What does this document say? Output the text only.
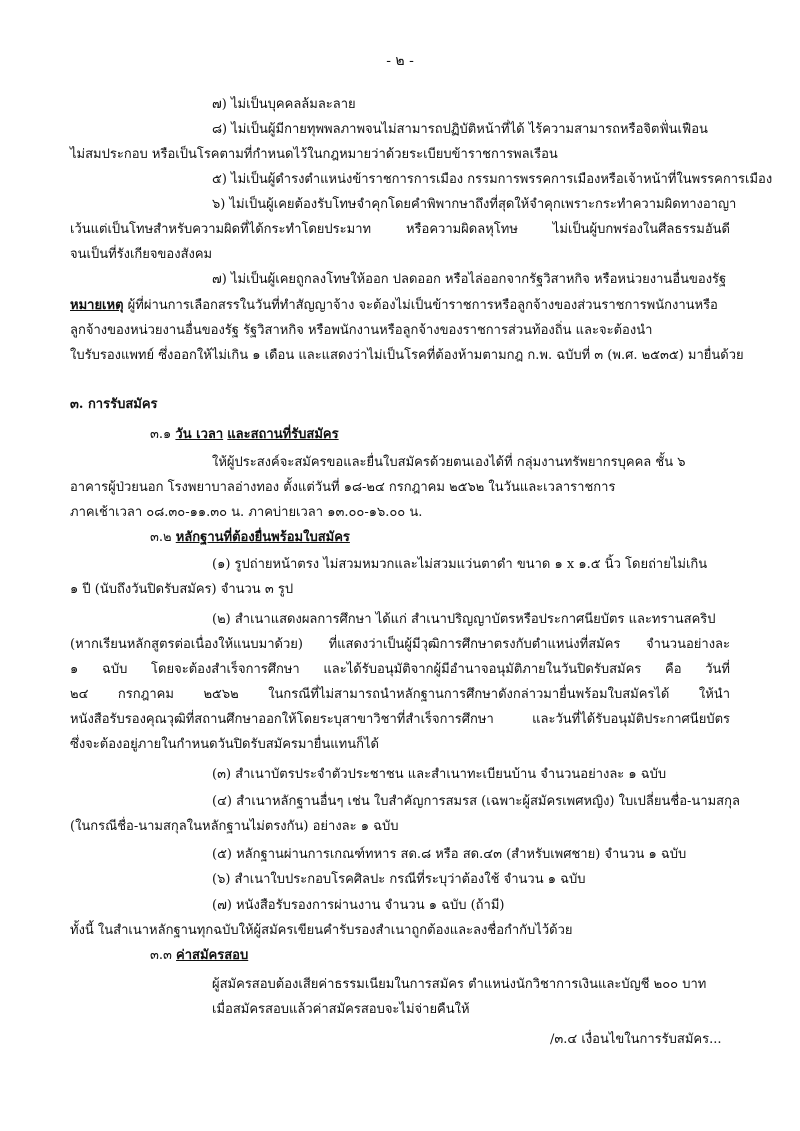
- ๒ -
๗) ไม่เป็นบุคคลล้มละลาย
๘) ไม่เป็นผู้มีกายทุพพลภาพจนไม่สามารถปฏิบัติหน้าที่ได้ ไร้ความสามารถหรือจิตฟั่นเฟือน
ไม่สมประกอบ หรือเป็นโรคตามที่กำหนดไว้ในกฎหมายว่าด้วยระเบียบข้าราชการพลเรือน
๕) ไม่เป็นผู้ดำรงตำแหน่งข้าราชการการเมือง กรรมการพรรคการเมืองหรือเจ้าหน้าที่ในพรรคการเมือง
๖) ไม่เป็นผู้เคยต้องรับโทษจำคุกโดยคำพิพากษาถึงที่สุดให้จำคุกเพราะกระทำความผิดทางอาญา
เว้นแต่เป็นโทษสำหรับความผิดที่ได้กระทำโดยประมาท หรือความผิดลหุโทษ ไม่เป็นผู้บกพร่องในศีลธรรมอันดี
จนเป็นที่รังเกียจของสังคม
๗) ไม่เป็นผู้เคยถูกลงโทษให้ออก ปลดออก หรือไล่ออกจากรัฐวิสาหกิจ หรือหน่วยงานอื่นของรัฐ
หมายเหตุ ผู้ที่ผ่านการเลือกสรรในวันที่ทำสัญญาจ้าง จะต้องไม่เป็นข้าราชการหรือลูกจ้างของส่วนราชการพนักงานหรือ
ลูกจ้างของหน่วยงานอื่นของรัฐ รัฐวิสาหกิจ หรือพนักงานหรือลูกจ้างของราชการส่วนท้องถิ่น และจะต้องนำ
ใบรับรองแพทย์ ซึ่งออกให้ไม่เกิน ๑ เดือน และแสดงว่าไม่เป็นโรคที่ต้องห้ามตามกฎ ก.พ. ฉบับที่ ๓ (พ.ศ. ๒๕๓๕) มายื่นด้วย
๓. การรับสมัคร
๓.๑ วัน เวลา และสถานที่รับสมัคร
ให้ผู้ประสงค์จะสมัครขอและยื่นใบสมัครด้วยตนเองได้ที่ กลุ่มงานทรัพยากรบุคคล ชั้น ๖
อาคารผู้ป่วยนอก โรงพยาบาลอ่างทอง ตั้งแต่วันที่ ๑๘-๒๔ กรกฎาคม ๒๕๖๒ ในวันและเวลาราชการ
ภาคเช้าเวลา ๐๘.๓๐-๑๑.๓๐ น. ภาคบ่ายเวลา ๑๓.๐๐-๑๖.๐๐ น.
๓.๒ หลักฐานที่ต้องยื่นพร้อมใบสมัคร
(๑) รูปถ่ายหน้าตรง ไม่สวมหมวกและไม่สวมแว่นตาดำ ขนาด ๑ x ๑.๕ นิ้ว โดยถ่ายไม่เกิน
๑ ปี (นับถึงวันปิดรับสมัคร) จำนวน ๓ รูป
(๒) สำเนาแสดงผลการศึกษา ได้แก่ สำเนาปริญญาบัตรหรือประกาศนียบัตร และทรานสคริป
(หากเรียนหลักสูตรต่อเนื่องให้แนบมาด้วย) ที่แสดงว่าเป็นผู้มีวุฒิการศึกษาตรงกับตำแหน่งที่สมัคร จำนวนอย่างละ
๑ ฉบับ โดยจะต้องสำเร็จการศึกษา และได้รับอนุมัติจากผู้มีอำนาจอนุมัติภายในวันปิดรับสมัคร คือ วันที่
๒๔ กรกฎาคม ๒๕๖๒ ในกรณีที่ไม่สามารถนำหลักฐานการศึกษาดังกล่าวมายื่นพร้อมใบสมัครได้ ให้นำ
หนังสือรับรองคุณวุฒิที่สถานศึกษาออกให้โดยระบุสาขาวิชาที่สำเร็จการศึกษา และวันที่ได้รับอนุมัติประกาศนียบัตร
ซึ่งจะต้องอยู่ภายในกำหนดวันปิดรับสมัครมายื่นแทนก็ได้
(๓) สำเนาบัตรประจำตัวประชาชน และสำเนาทะเบียนบ้าน จำนวนอย่างละ ๑ ฉบับ
(๔) สำเนาหลักฐานอื่นๆ เช่น ใบสำคัญการสมรส (เฉพาะผู้สมัครเพศหญิง) ใบเปลี่ยนชื่อ-นามสกุล
(ในกรณีชื่อ-นามสกุลในหลักฐานไม่ตรงกัน) อย่างละ ๑ ฉบับ
(๕) หลักฐานผ่านการเกณฑ์ทหาร สด.๘ หรือ สด.๔๓ (สำหรับเพศชาย) จำนวน ๑ ฉบับ
(๖) สำเนาใบประกอบโรคศิลปะ กรณีที่ระบุว่าต้องใช้ จำนวน ๑ ฉบับ
(๗) หนังสือรับรองการผ่านงาน จำนวน ๑ ฉบับ (ถ้ามี)
ทั้งนี้ ในสำเนาหลักฐานทุกฉบับให้ผู้สมัครเขียนคำรับรองสำเนาถูกต้องและลงชื่อกำกับไว้ด้วย
๓.๓ ค่าสมัครสอบ
ผู้สมัครสอบต้องเสียค่าธรรมเนียมในการสมัคร ตำแหน่งนักวิชาการเงินและบัญชี ๒๐๐ บาท
เมื่อสมัครสอบแล้วค่าสมัครสอบจะไม่จ่ายคืนให้
/๓.๔ เงื่อนไขในการรับสมัคร...
